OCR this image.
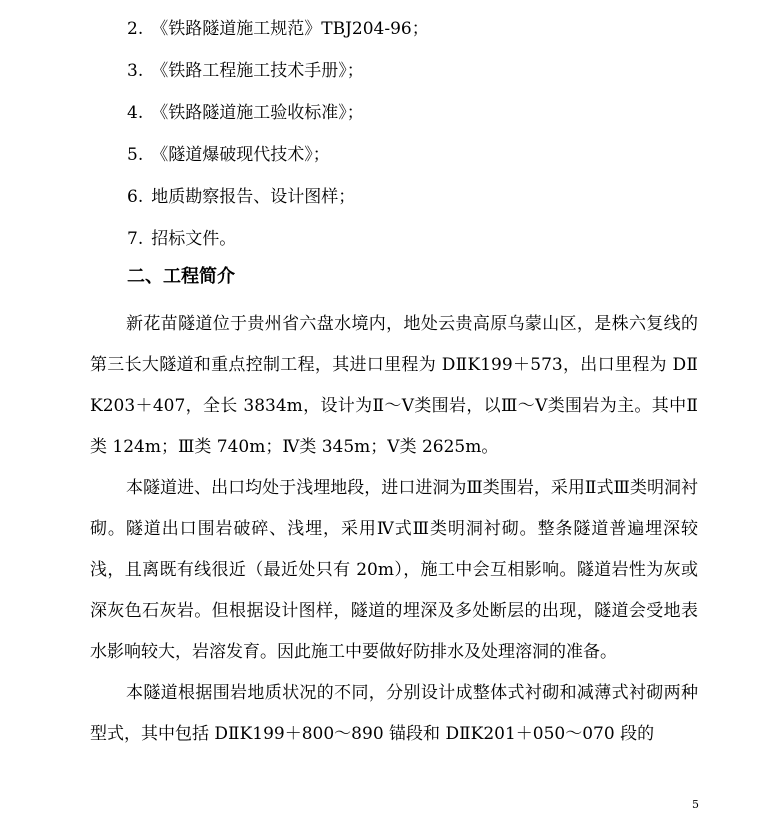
2. 《铁路隧道施工规范》TBJ204-96；
3. 《铁路工程施工技术手册》；
4. 《铁路隧道施工验收标准》；
5. 《隧道爆破现代技术》；
6. 地质勘察报告、设计图样；
7. 招标文件。
二、工程简介

新花苗隧道位于贵州省六盘水境内，地处云贵高原乌蒙山区，是株六复线的第三长大隧道和重点控制工程，其进口里程为 DⅡK199＋573，出口里程为 DⅡK203＋407，全长 3834m，设计为Ⅱ～Ⅴ类围岩，以Ⅲ～Ⅴ类围岩为主。其中Ⅱ类 124m；Ⅲ类 740m；Ⅳ类 345m；Ⅴ类 2625m。

本隧道进、出口均处于浅埋地段，进口进洞为Ⅲ类围岩，采用Ⅱ式Ⅲ类明洞衬砌。隧道出口围岩破碎、浅埋，采用Ⅳ式Ⅲ类明洞衬砌。整条隧道普遍埋深较浅，且离既有线很近（最近处只有 20m），施工中会互相影响。隧道岩性为灰或深灰色石灰岩。但根据设计图样，隧道的埋深及多处断层的出现，隧道会受地表水影响较大，岩溶发育。因此施工中要做好防排水及处理溶洞的准备。

本隧道根据围岩地质状况的不同，分别设计成整体式衬砌和减薄式衬砌两种型式，其中包括 DⅡK199＋800～890 锚段和 DⅡK201＋050～070 段的

5
